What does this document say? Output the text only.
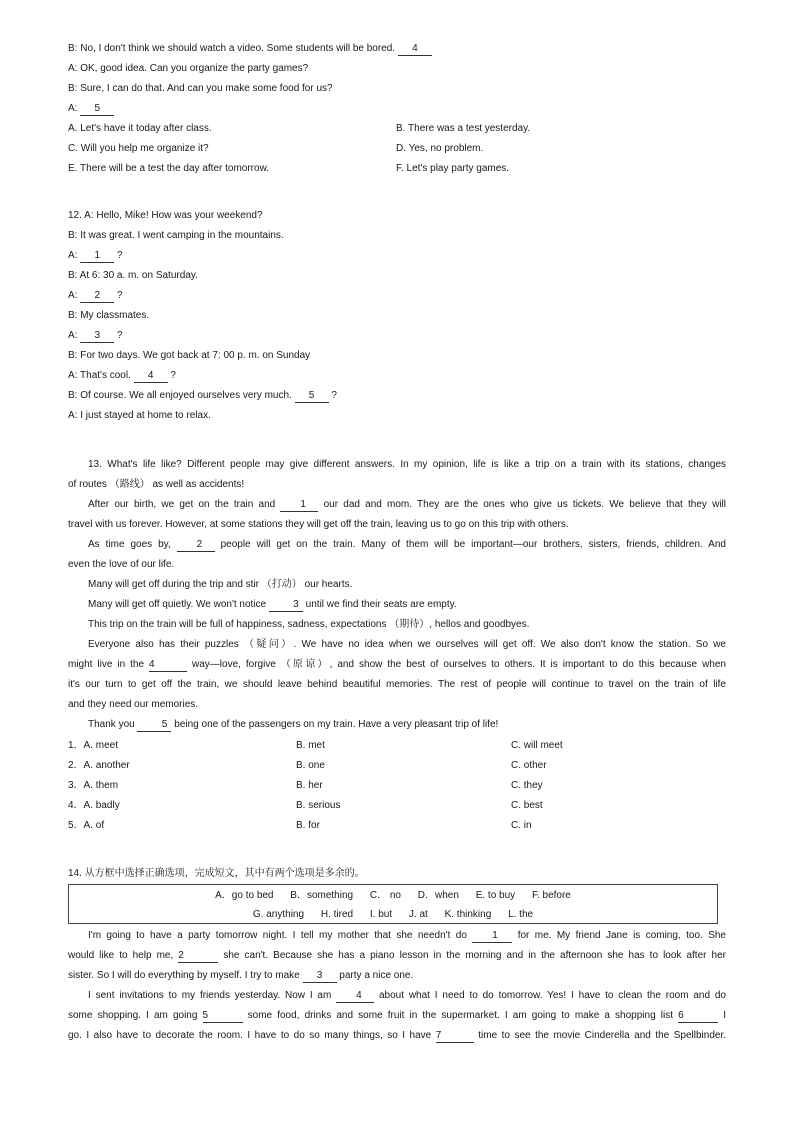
B: No, I don't think we should watch a video. Some students will be bored. 4
A: OK, good idea. Can you organize the party games?
B: Sure, I can do that. And can you make some food for us?
A: 5
A. Let's have it today after class.	B. There was a test yesterday.
C. Will you help me organize it?	D. Yes, no problem.
E. There will be a test the day after tomorrow.	F. Let's play party games.
12. A: Hello, Mike! How was your weekend?
B: It was great. I went camping in the mountains.
A: 1 ?
B: At 6: 30 a. m. on Saturday.
A: 2 ?
B: My classmates.
A: 3 ?
B: For two days. We got back at 7: 00 p. m. on Sunday
A: That's cool. 4 ?
B: Of course. We all enjoyed ourselves very much. 5 ?
A: I just stayed at home to relax.
13. What's life like? Different people may give different answers. In my opinion, life is like a trip on a train with its stations, changes
of routes （路线） as well as accidents!
After our birth, we get on the train and 1 our dad and mom. They are the ones who give us tickets. We believe that they will
travel with us forever. However, at some stations they will get off the train, leaving us to go on this trip with others.
As time goes by, 2 people will get on the train. Many of them will be important—our brothers, sisters, friends, children. And
even the love of our life.
Many will get off during the trip and stir （打动） our hearts.
Many will get off quietly. We won't notice 3 until we find their seats are empty.
This trip on the train will be full of happiness, sadness, expectations （期待）, hellos and goodbyes.
Everyone also has their puzzles （疑问）. We have no idea when we ourselves will get off. We also don't know the station. So we
might live in the 4	way—love, forgive （原谅）, and show the best of ourselves to others. It is important to do this because when
it's our turn to get off the train, we should leave behind beautiful memories. The rest of people will continue to travel on the train of life
and they need our memories.
Thank you 5 being one of the passengers on my train. Have a very pleasant trip of life!
1．A. meet	B. met	C. will meet
2．A. another	B. one	C. other
3．A. them	B. her	C. they
4．A. badly	B. serious	C. best
5．A. of	B. for	C. in
14. 从方框中选择正确选项，完成短文，其中有两个选项是多余的。
A．go to bed B．something C． no D．when E. to buy F. before
G. anything H. tired I. but J. at K. thinking L. the
I'm going to have a party tomorrow night. I tell my mother that she needn't do 1 for me. My friend Jane is coming, too. She
would like to help me, 2	she can't. Because she has a piano lesson in the morning and in the afternoon she has to look after her
sister. So I will do everything by myself. I try to make 3 party a nice one.
I sent invitations to my friends yesterday. Now I am 4 about what I need to do tomorrow. Yes! I have to clean the room and do
some shopping. I am going 5	some food, drinks and some fruit in the supermarket. I am going to make a shopping list 6	I
go. I also have to decorate the room. I have to do so many things, so I have 7	time to see the movie Cinderella and the Spellbinder.
